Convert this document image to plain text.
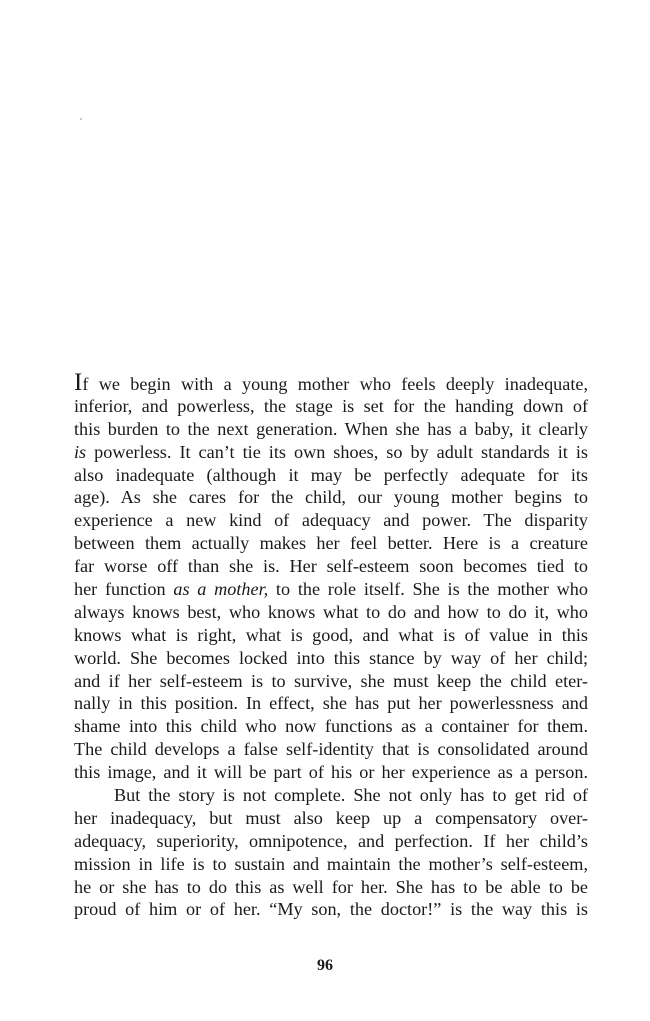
If we begin with a young mother who feels deeply inadequate,
inferior, and powerless, the stage is set for the handing down of
this burden to the next generation. When she has a baby, it clearly
is powerless. It can’t tie its own shoes, so by adult standards it is
also inadequate (although it may be perfectly adequate for its
age). As she cares for the child, our young mother begins to
experience a new kind of adequacy and power. The disparity
between them actually makes her feel better. Here is a creature
far worse off than she is. Her self-esteem soon becomes tied to
her function as a mother, to the role itself. She is the mother who
always knows best, who knows what to do and how to do it, who
knows what is right, what is good, and what is of value in this
world. She becomes locked into this stance by way of her child;
and if her self-esteem is to survive, she must keep the child eter-
nally in this position. In effect, she has put her powerlessness and
shame into this child who now functions as a container for them.
The child develops a false self-identity that is consolidated around
this image, and it will be part of his or her experience as a person.
But the story is not complete. She not only has to get rid of
her inadequacy, but must also keep up a compensatory over-
adequacy, superiority, omnipotence, and perfection. If her child’s
mission in life is to sustain and maintain the mother’s self-esteem,
he or she has to do this as well for her. She has to be able to be
proud of him or of her. “My son, the doctor!” is the way this is
96
